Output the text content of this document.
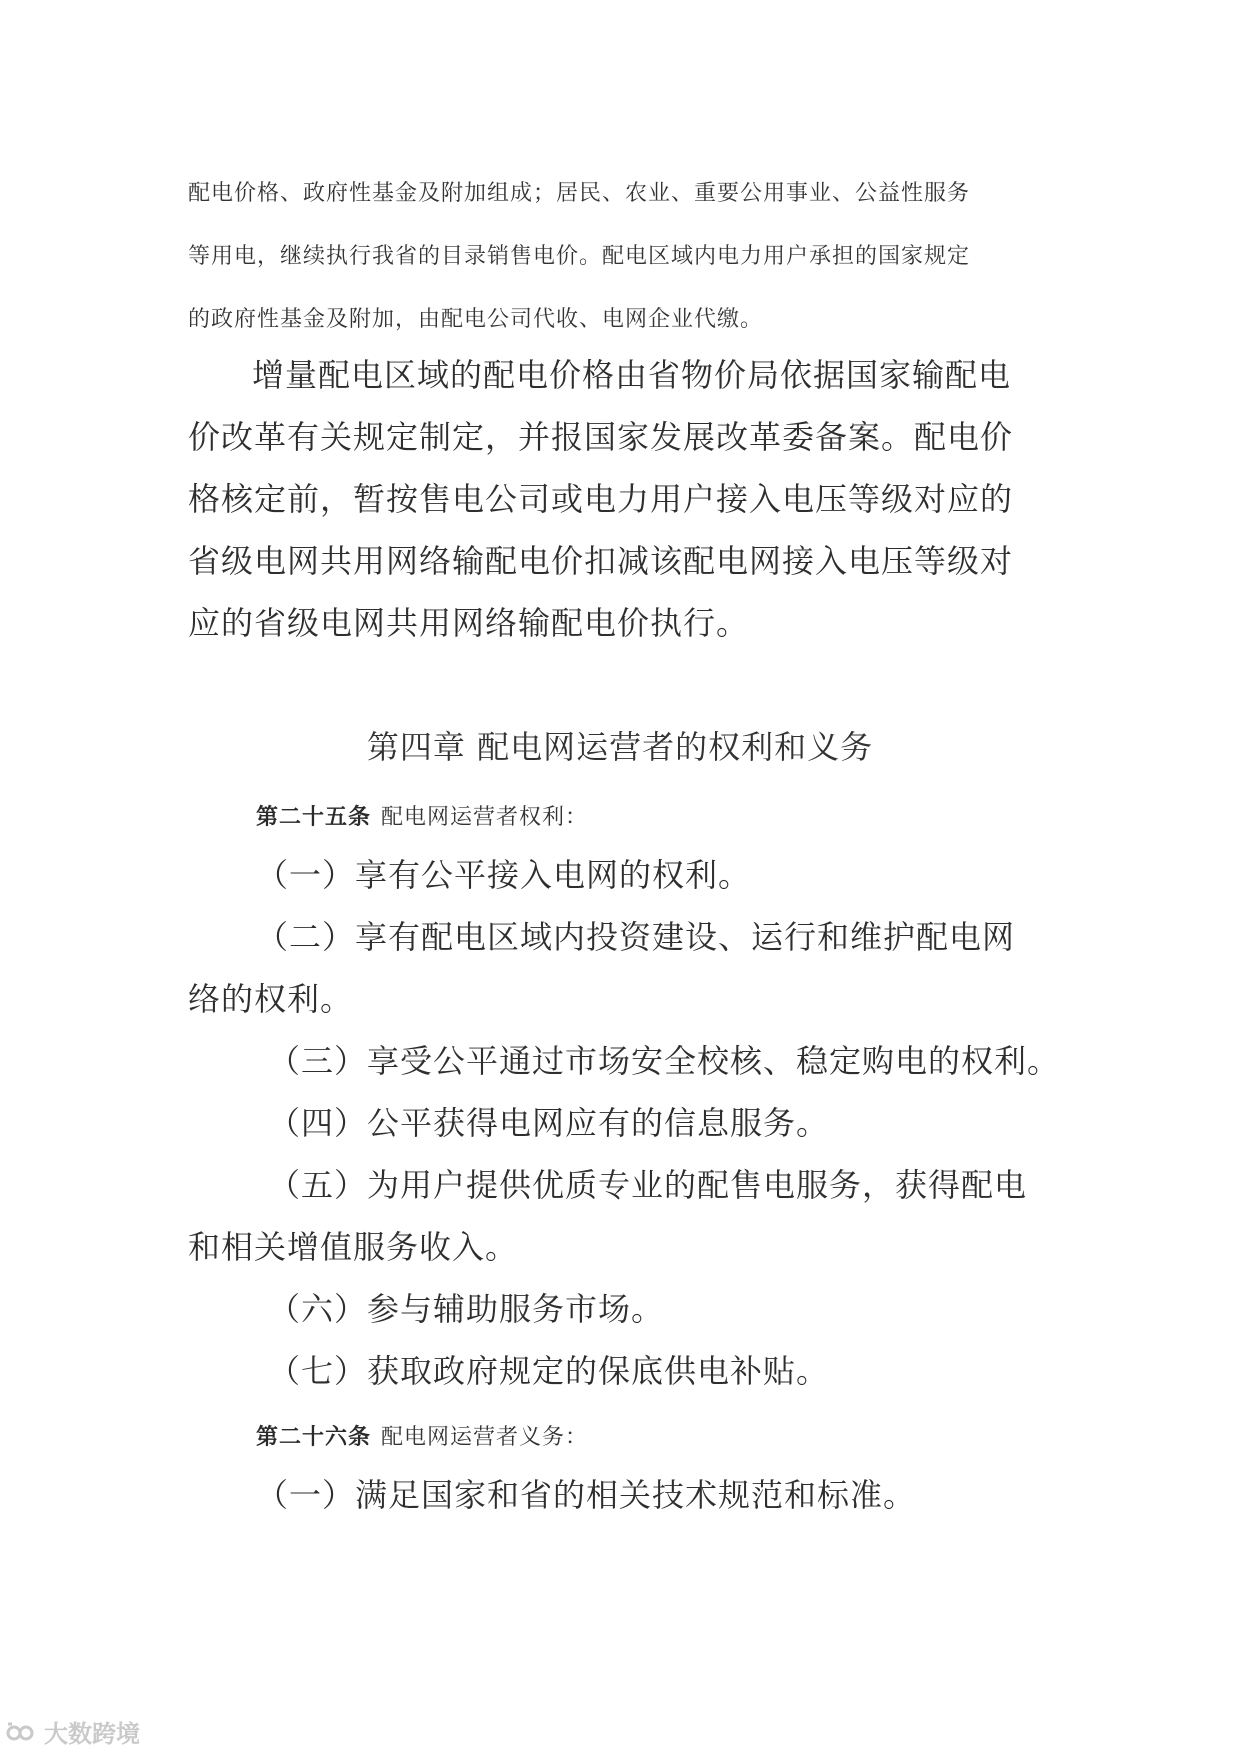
配电价格、政府性基金及附加组成；居民、农业、重要公用事业、公益性服务
等用电，继续执行我省的目录销售电价。配电区域内电力用户承担的国家规定
的政府性基金及附加，由配电公司代收、电网企业代缴。
增量配电区域的配电价格由省物价局依据国家输配电
价改革有关规定制定，并报国家发展改革委备案。配电价
格核定前，暂按售电公司或电力用户接入电压等级对应的
省级电网共用网络输配电价扣减该配电网接入电压等级对
应的省级电网共用网络输配电价执行。
第四章 配电网运营者的权利和义务
第二十五条 配电网运营者权利：
（一）享有公平接入电网的权利。
（二）享有配电区域内投资建设、运行和维护配电网
络的权利。
（三）享受公平通过市场安全校核、稳定购电的权利。
（四）公平获得电网应有的信息服务。
（五）为用户提供优质专业的配售电服务，获得配电
和相关增值服务收入。
（六）参与辅助服务市场。
（七）获取政府规定的保底供电补贴。
第二十六条 配电网运营者义务：
（一）满足国家和省的相关技术规范和标准。
大数跨境
